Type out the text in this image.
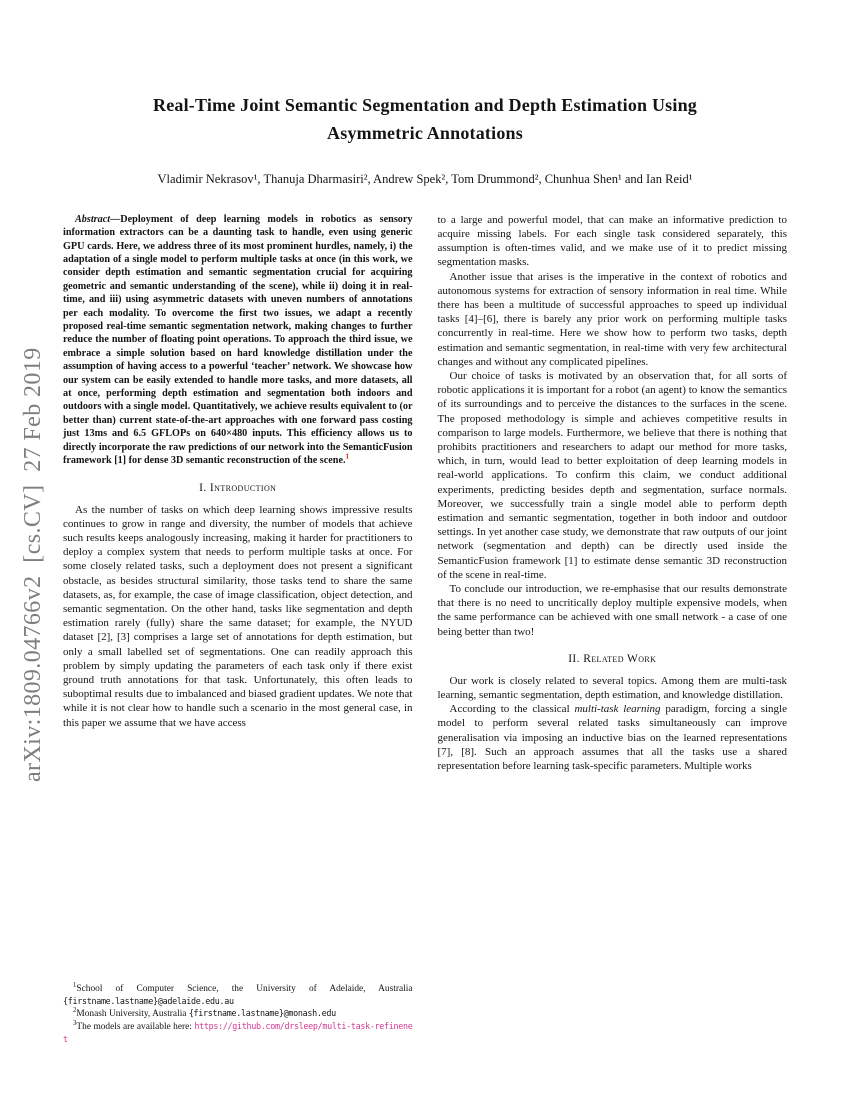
arXiv:1809.04766v2  [cs.CV]  27 Feb 2019
Real-Time Joint Semantic Segmentation and Depth Estimation Using Asymmetric Annotations
Vladimir Nekrasov¹, Thanuja Dharmasiri², Andrew Spek², Tom Drummond², Chunhua Shen¹ and Ian Reid¹

Abstract—Deployment of deep learning models in robotics as sensory information extractors can be a daunting task to handle, even using generic GPU cards. Here, we address three of its most prominent hurdles, namely, i) the adaptation of a single model to perform multiple tasks at once (in this work, we consider depth estimation and semantic segmentation crucial for acquiring geometric and semantic understanding of the scene), while ii) doing it in real-time, and iii) using asymmetric datasets with uneven numbers of annotations per each modality. To overcome the first two issues, we adapt a recently proposed real-time semantic segmentation network, making changes to further reduce the number of floating point operations. To approach the third issue, we embrace a simple solution based on hard knowledge distillation under the assumption of having access to a powerful ‘teacher’ network. We showcase how our system can be easily extended to handle more tasks, and more datasets, all at once, performing depth estimation and segmentation both indoors and outdoors with a single model. Quantitatively, we achieve results equivalent to (or better than) current state-of-the-art approaches with one forward pass costing just 13ms and 6.5 GFLOPs on 640×480 inputs. This efficiency allows us to directly incorporate the raw predictions of our network into the SemanticFusion framework [1] for dense 3D semantic reconstruction of the scene.$^1$

I. Introduction

As the number of tasks on which deep learning shows impressive results continues to grow in range and diversity, the number of models that achieve such results keeps analogously increasing, making it harder for practitioners to deploy a complex system that needs to perform multiple tasks at once. For some closely related tasks, such a deployment does not present a significant obstacle, as besides structural similarity, those tasks tend to share the same datasets, as, for example, the case of image classification, object detection, and semantic segmentation. On the other hand, tasks like segmentation and depth estimation rarely (fully) share the same dataset; for example, the NYUD dataset [2], [3] comprises a large set of annotations for depth estimation, but only a small labelled set of segmentations. One can readily approach this problem by simply updating the parameters of each task only if there exist ground truth annotations for that task. Unfortunately, this often leads to suboptimal results due to imbalanced and biased gradient updates. We note that while it is not clear how to handle such a scenario in the most general case, in this paper we assume that we have access

$^1$School of Computer Science, the University of Adelaide, Australia {firstname.lastname}@adelaide.edu.au

$^2$Monash University, Australia {firstname.lastname}@monash.edu

$^3$The models are available here: https://github.com/drsleep/multi-task-refinenet

to a large and powerful model, that can make an informative prediction to acquire missing labels. For each single task considered separately, this assumption is often-times valid, and we make use of it to predict missing segmentation masks.

Another issue that arises is the imperative in the context of robotics and autonomous systems for extraction of sensory information in real time. While there has been a multitude of successful approaches to speed up individual tasks [4]–[6], there is barely any prior work on performing multiple tasks concurrently in real-time. Here we show how to perform two tasks, depth estimation and semantic segmentation, in real-time with very few architectural changes and without any complicated pipelines.

Our choice of tasks is motivated by an observation that, for all sorts of robotic applications it is important for a robot (an agent) to know the semantics of its surroundings and to perceive the distances to the surfaces in the scene. The proposed methodology is simple and achieves competitive results in comparison to large models. Furthermore, we believe that there is nothing that prohibits practitioners and researchers to adapt our method for more tasks, which, in turn, would lead to better exploitation of deep learning models in real-world applications. To confirm this claim, we conduct additional experiments, predicting besides depth and segmentation, surface normals. Moreover, we successfully train a single model able to perform depth estimation and semantic segmentation, together in both indoor and outdoor settings. In yet another case study, we demonstrate that raw outputs of our joint network (segmentation and depth) can be directly used inside the SemanticFusion framework [1] to estimate dense semantic 3D reconstruction of the scene in real-time.

To conclude our introduction, we re-emphasise that our results demonstrate that there is no need to uncritically deploy multiple expensive models, when the same performance can be achieved with one small network - a case of one being better than two!

II. Related Work

Our work is closely related to several topics. Among them are multi-task learning, semantic segmentation, depth estimation, and knowledge distillation.

According to the classical multi-task learning paradigm, forcing a single model to perform several related tasks simultaneously can improve generalisation via imposing an inductive bias on the learned representations [7], [8]. Such an approach assumes that all the tasks use a shared representation before learning task-specific parameters. Multiple works
